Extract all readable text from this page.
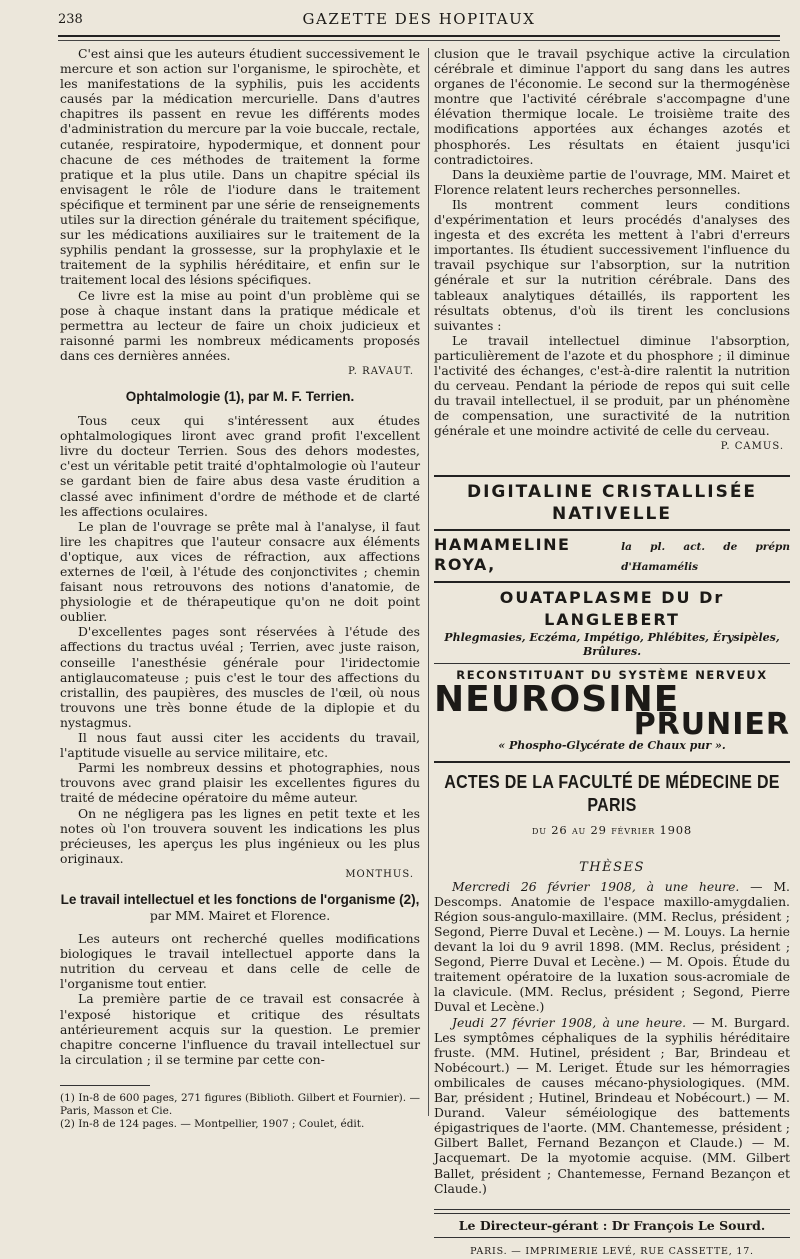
238	GAZETTE DES HOPITAUX

C'est ainsi que les auteurs étudient successivement le mercure et son action sur l'organisme, le spirochète, et les manifestations de la syphilis, puis les accidents causés par la médication mercurielle. Dans d'autres chapitres ils passent en revue les différents modes d'administration du mercure par la voie buccale, rectale, cutanée, respiratoire, hypodermique, et donnent pour chacune de ces méthodes de traitement la forme pratique et la plus utile. Dans un chapitre spécial ils envisagent le rôle de l'iodure dans le traitement spécifique et terminent par une série de renseignements utiles sur la direction générale du traitement spécifique, sur les médications auxiliaires sur le traitement de la syphilis pendant la grossesse, sur la prophylaxie et le traitement de la syphilis héréditaire, et enfin sur le traitement local des lésions spécifiques.

Ce livre est la mise au point d'un problème qui se pose à chaque instant dans la pratique médicale et permettra au lecteur de faire un choix judicieux et raisonné parmi les nombreux médicaments proposés dans ces dernières années.

P. RAVAUT.

Ophtalmologie (1), par M. F. Terrien.

Tous ceux qui s'intéressent aux études ophtalmologiques liront avec grand profit l'excellent livre du docteur Terrien. Sous des dehors modestes, c'est un véritable petit traité d'ophtalmologie où l'auteur se gardant bien de faire abus desa vaste érudition a classé avec infiniment d'ordre de méthode et de clarté les affections oculaires.

Le plan de l'ouvrage se prête mal à l'analyse, il faut lire les chapitres que l'auteur consacre aux éléments d'optique, aux vices de réfraction, aux affections externes de l'œil, à l'étude des conjonctivites ; chemin faisant nous retrouvons des notions d'anatomie, de physiologie et de thérapeutique qu'on ne doit point oublier.

D'excellentes pages sont réservées à l'étude des affections du tractus uvéal ; Terrien, avec juste raison, conseille l'anesthésie générale pour l'iridectomie antiglaucomateuse ; puis c'est le tour des affections du cristallin, des paupières, des muscles de l'œil, où nous trouvons une très bonne étude de la diplopie et du nystagmus.

Il nous faut aussi citer les accidents du travail, l'aptitude visuelle au service militaire, etc.

Parmi les nombreux dessins et photographies, nous trouvons avec grand plaisir les excellentes figures du traité de médecine opératoire du même auteur.

On ne négligera pas les lignes en petit texte et les notes où l'on trouvera souvent les indications les plus précieuses, les aperçus les plus ingénieux ou les plus originaux.

MONTHUS.

Le travail intellectuel et les fonctions de l'organisme (2),
par MM. Mairet et Florence.

Les auteurs ont recherché quelles modifications biologiques le travail intellectuel apporte dans la nutrition du cerveau et dans celle de celle de l'organisme tout entier.

La première partie de ce travail est consacrée à l'exposé historique et critique des résultats antérieurement acquis sur la question. Le premier chapitre concerne l'influence du travail intellectuel sur la circulation ; il se termine par cette con-

(1) In-8 de 600 pages, 271 figures (Biblioth. Gilbert et Fournier). — Paris, Masson et Cie.

(2) In-8 de 124 pages. — Montpellier, 1907 ; Coulet, édit.

clusion que le travail psychique active la circulation cérébrale et diminue l'apport du sang dans les autres organes de l'économie. Le second sur la thermogénèse montre que l'activité cérébrale s'accompagne d'une élévation thermique locale. Le troisième traite des modifications apportées aux échanges azotés et phosphorés. Les résultats en étaient jusqu'ici contradictoires.

Dans la deuxième partie de l'ouvrage, MM. Mairet et Florence relatent leurs recherches personnelles.

Ils montrent comment leurs conditions d'expérimentation et leurs procédés d'analyses des ingesta et des excréta les mettent à l'abri d'erreurs importantes. Ils étudient successivement l'influence du travail psychique sur l'absorption, sur la nutrition générale et sur la nutrition cérébrale. Dans des tableaux analytiques détaillés, ils rapportent les résultats obtenus, d'où ils tirent les conclusions suivantes :

Le travail intellectuel diminue l'absorption, particulièrement de l'azote et du phosphore ; il diminue l'activité des échanges, c'est-à-dire ralentit la nutrition du cerveau. Pendant la période de repos qui suit celle du travail intellectuel, il se produit, par un phénomène de compensation, une suractivité de la nutrition générale et une moindre activité de celle du cerveau.

P. CAMUS.

DIGITALINE CRISTALLISÉE NATIVELLE
HAMAMELINE ROYA,
la pl. act. de prépn d'Hamamélis
OUATAPLASME DU Dr LANGLEBERT
Phlegmasies, Eczéma, Impétigo, Phlébites, Érysipèles, Brûlures.
RECONSTITUANT DU SYSTÈME NERVEUX
NEUROSINE
PRUNIER
« Phospho-Glycérate de Chaux pur ».
ACTES DE LA FACULTÉ DE MÉDECINE DE PARIS
du 26 au 29 février 1908
THÈSES

Mercredi 26 février 1908, à une heure. — M. Descomps. Anatomie de l'espace maxillo-amygdalien. Région sous-angulo-maxillaire. (MM. Reclus, président ; Segond, Pierre Duval et Lecène.) — M. Louys. La hernie devant la loi du 9 avril 1898. (MM. Reclus, président ; Segond, Pierre Duval et Lecène.) — M. Opois. Étude du traitement opératoire de la luxation sous-acromiale de la clavicule. (MM. Reclus, président ; Segond, Pierre Duval et Lecène.)

Jeudi 27 février 1908, à une heure. — M. Burgard. Les symptômes céphaliques de la syphilis héréditaire fruste. (MM. Hutinel, président ; Bar, Brindeau et Nobécourt.) — M. Leriget. Étude sur les hémorragies ombilicales de causes mécano-physiologiques. (MM. Bar, président ; Hutinel, Brindeau et Nobécourt.) — M. Durand. Valeur séméiologique des battements épigastriques de l'aorte. (MM. Chantemesse, président ; Gilbert Ballet, Fernand Bezançon et Claude.) — M. Jacquemart. De la myotomie acquise. (MM. Gilbert Ballet, président ; Chantemesse, Fernand Bezançon et Claude.)

Le Directeur-gérant : Dr François Le Sourd.
PARIS. — IMPRIMERIE LEVÉ, RUE CASSETTE, 17.
